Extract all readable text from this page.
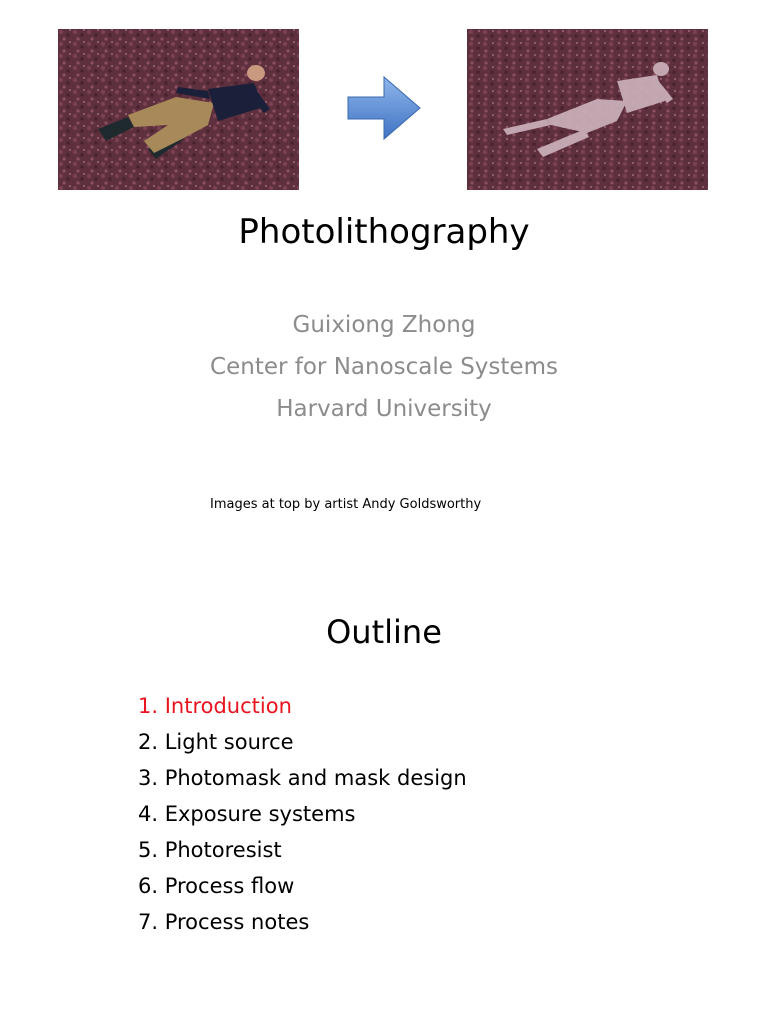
Photolithography
Guixiong Zhong
Center for Nanoscale Systems
Harvard University
Images at top by artist Andy Goldsworthy
Outline
1. Introduction
2. Light source
3. Photomask and mask design
4. Exposure systems
5. Photoresist
6. Process flow
7. Process notes
